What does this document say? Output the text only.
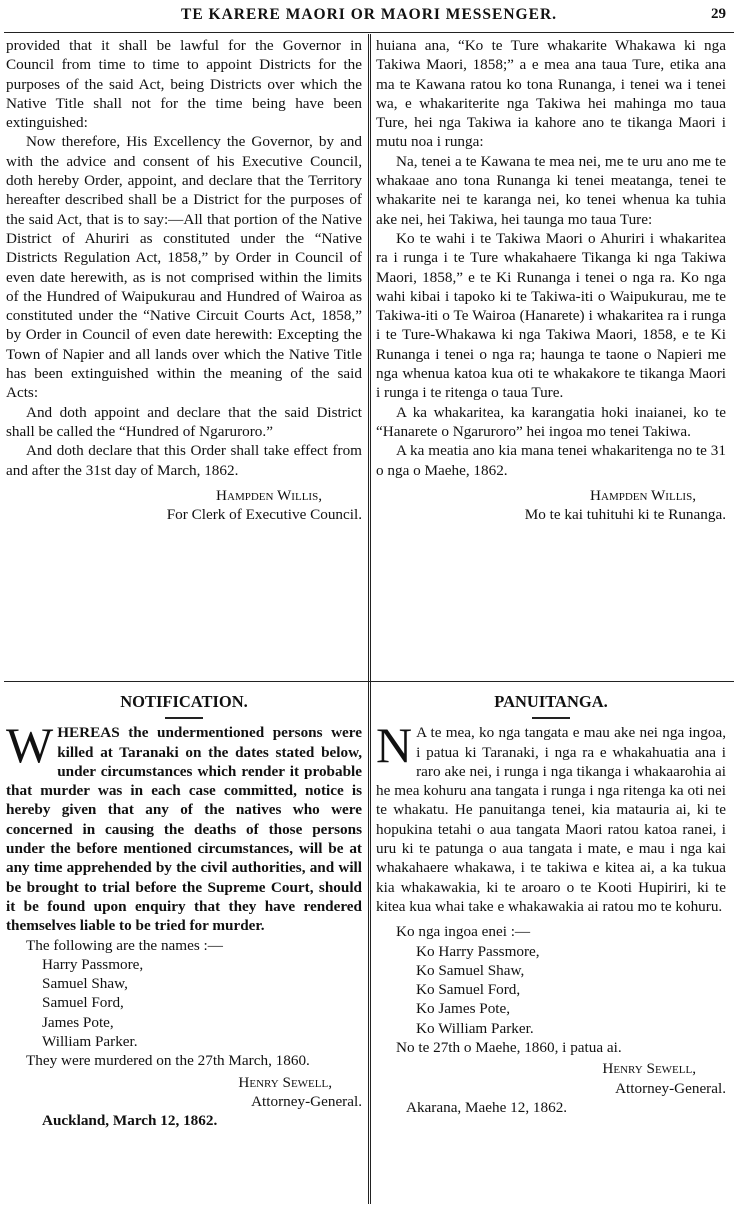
TE KARERE MAORI OR MAORI MESSENGER.	29

provided that it shall be lawful for the Governor in Council from time to time to appoint Districts for the purposes of the said Act, being Districts over which the Native Title shall not for the time being have been extinguished:

Now therefore, His Excellency the Governor, by and with the advice and consent of his Executive Council, doth hereby Order, appoint, and declare that the Territory hereafter described shall be a District for the purposes of the said Act, that is to say:—All that portion of the Native District of Ahuriri as constituted under the “Native Districts Regulation Act, 1858,” by Order in Council of even date herewith, as is not comprised within the limits of the Hundred of Waipukurau and Hundred of Wairoa as constituted under the “Native Circuit Courts Act, 1858,” by Order in Council of even date herewith: Excepting the Town of Napier and all lands over which the Native Title has been extinguished within the meaning of the said Acts:

And doth appoint and declare that the said District shall be called the “Hundred of Ngaruroro.”

And doth declare that this Order shall take effect from and after the 31st day of March, 1862.

Hampden Willis,

For Clerk of Executive Council.

huiana ana, “Ko te Ture whakarite Whakawa ki nga Takiwa Maori, 1858;” a e mea ana taua Ture, etika ana ma te Kawana ratou ko tona Runanga, i tenei wa i tenei wa, e whakariterite nga Takiwa hei mahinga mo taua Ture, hei nga Takiwa ia kahore ano te tikanga Maori i mutu noa i runga:

Na, tenei a te Kawana te mea nei, me te uru ano me te whakaae ano tona Runanga ki tenei meatanga, tenei te whakarite nei te karanga nei, ko tenei whenua ka tuhia ake nei, hei Takiwa, hei taunga mo taua Ture:

Ko te wahi i te Takiwa Maori o Ahuriri i whakaritea ra i runga i te Ture whakahaere Tikanga ki nga Takiwa Maori, 1858,” e te Ki Runanga i tenei o nga ra. Ko nga wahi kibai i tapoko ki te Takiwa-iti o Waipukurau, me te Takiwa-iti o Te Wairoa (Hanarete) i whakaritea ra i runga i te Ture-Whakawa ki nga Takiwa Maori, 1858, e te Ki Runanga i tenei o nga ra; haunga te taone o Napieri me nga whenua katoa kua oti te whakakore te tikanga Maori i runga i te ritenga o taua Ture.

A ka whakaritea, ka karangatia hoki inaianei, ko te “Hanarete o Ngaruroro” hei ingoa mo tenei Takiwa.

A ka meatia ano kia mana tenei whakaritenga no te 31 o nga o Maehe, 1862.

Hampden Willis,

Mo te kai tuhituhi ki te Runanga.

NOTIFICATION.

WHEREAS the undermentioned persons were killed at Taranaki on the dates stated below, under circumstances which render it probable that murder was in each case committed, notice is hereby given that any of the natives who were concerned in causing the deaths of those persons under the before mentioned circumstances, will be at any time apprehended by the civil authorities, and will be brought to trial before the Supreme Court, should it be found upon enquiry that they have rendered themselves liable to be tried for murder.

The following are the names :—

Harry Passmore,

Samuel Shaw,

Samuel Ford,

James Pote,

William Parker.

They were murdered on the 27th March, 1860.

Henry Sewell,

Attorney-General.

Auckland, March 12, 1862.

PANUITANGA.

N A te mea, ko nga tangata e mau ake nei nga ingoa, i patua ki Taranaki, i nga ra e whakahuatia ana i raro ake nei, i runga i nga tikanga i whakaarohia ai he mea kohuru ana tangata i runga i nga ritenga ka oti nei te whakatu. He panuitanga tenei, kia matauria ai, ki te hopukina tetahi o aua tangata Maori ratou katoa ranei, i uru ki te patunga o aua tangata i mate, e mau i nga kai whakahaere whakawa, i te takiwa e kitea ai, a ka tukua kia whakawakia, ki te aroaro o te Kooti Hupiriri, ki te kitea kua whai take e whakawakia ai ratou mo te kohuru.

Ko nga ingoa enei :—

Ko Harry Passmore,

Ko Samuel Shaw,

Ko Samuel Ford,

Ko James Pote,

Ko William Parker.

No te 27th o Maehe, 1860, i patua ai.

Henry Sewell,

Attorney-General.

Akarana, Maehe 12, 1862.
